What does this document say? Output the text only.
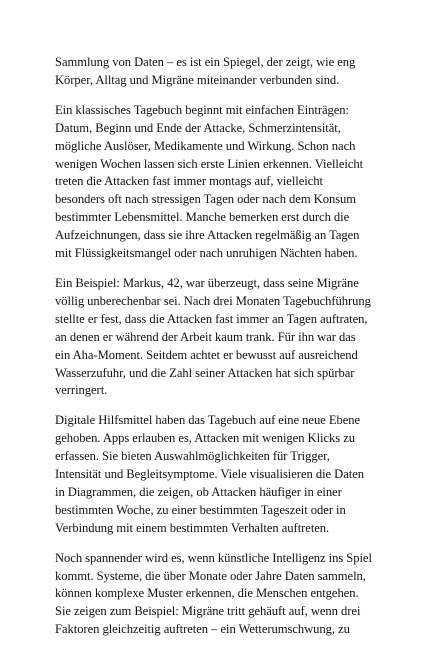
Sammlung von Daten – es ist ein Spiegel, der zeigt, wie eng
Körper, Alltag und Migräne miteinander verbunden sind.

Ein klassisches Tagebuch beginnt mit einfachen Einträgen:
Datum, Beginn und Ende der Attacke, Schmerzintensität,
mögliche Auslöser, Medikamente und Wirkung. Schon nach
wenigen Wochen lassen sich erste Linien erkennen. Vielleicht
treten die Attacken fast immer montags auf, vielleicht
besonders oft nach stressigen Tagen oder nach dem Konsum
bestimmter Lebensmittel. Manche bemerken erst durch die
Aufzeichnungen, dass sie ihre Attacken regelmäßig an Tagen
mit Flüssigkeitsmangel oder nach unruhigen Nächten haben.

Ein Beispiel: Markus, 42, war überzeugt, dass seine Migräne
völlig unberechenbar sei. Nach drei Monaten Tagebuchführung
stellte er fest, dass die Attacken fast immer an Tagen auftraten,
an denen er während der Arbeit kaum trank. Für ihn war das
ein Aha-Moment. Seitdem achtet er bewusst auf ausreichend
Wasserzufuhr, und die Zahl seiner Attacken hat sich spürbar
verringert.

Digitale Hilfsmittel haben das Tagebuch auf eine neue Ebene
gehoben. Apps erlauben es, Attacken mit wenigen Klicks zu
erfassen. Sie bieten Auswahlmöglichkeiten für Trigger,
Intensität und Begleitsymptome. Viele visualisieren die Daten
in Diagrammen, die zeigen, ob Attacken häufiger in einer
bestimmten Woche, zu einer bestimmten Tageszeit oder in
Verbindung mit einem bestimmten Verhalten auftreten.

Noch spannender wird es, wenn künstliche Intelligenz ins Spiel
kommt. Systeme, die über Monate oder Jahre Daten sammeln,
können komplexe Muster erkennen, die Menschen entgehen.
Sie zeigen zum Beispiel: Migräne tritt gehäuft auf, wenn drei
Faktoren gleichzeitig auftreten – ein Wetterumschwung, zu
